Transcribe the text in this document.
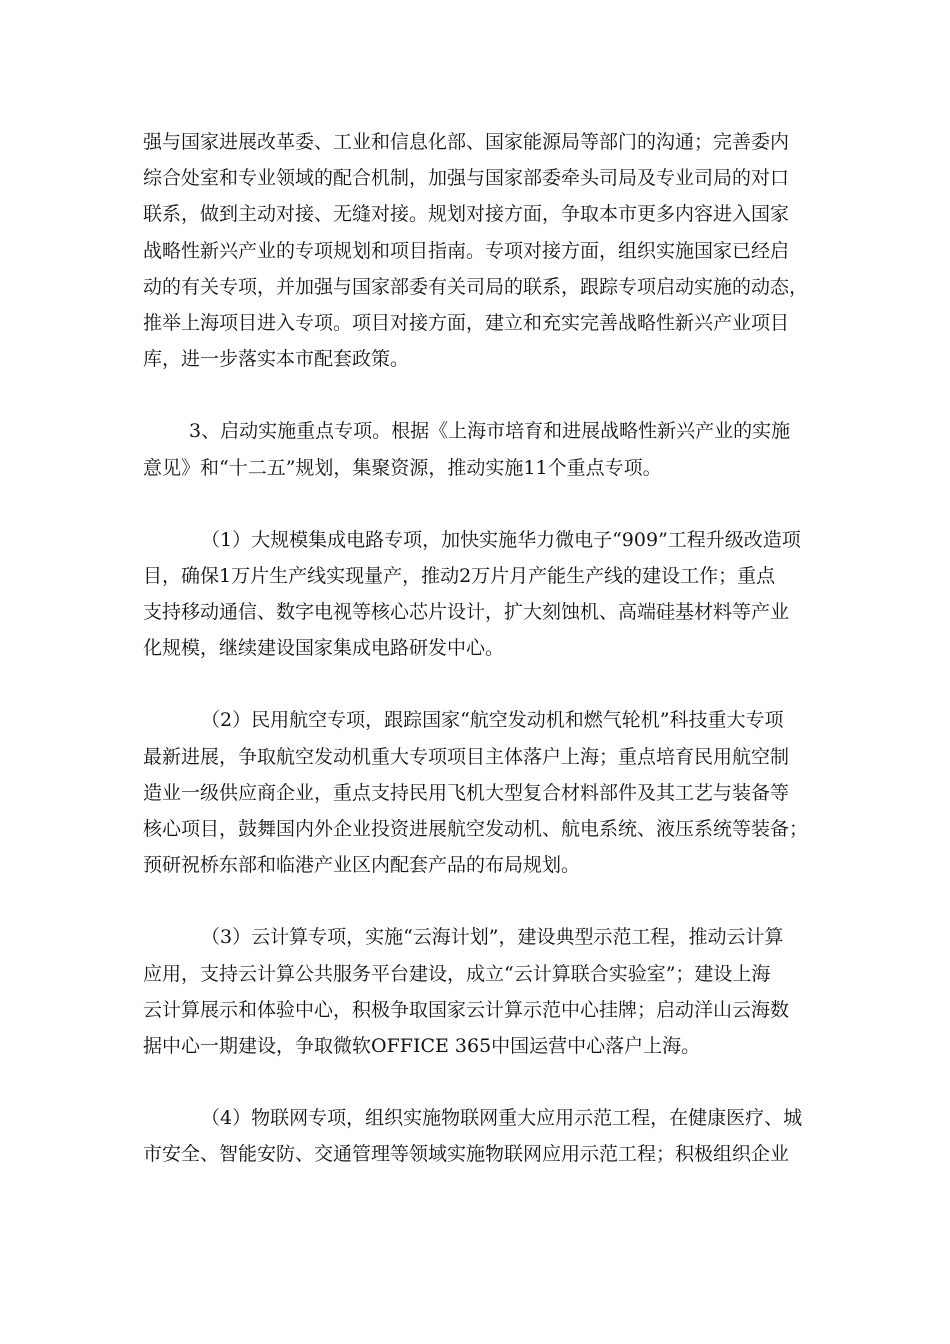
强与国家进展改革委、工业和信息化部、国家能源局等部门的沟通；完善委内
综合处室和专业领域的配合机制，加强与国家部委牵头司局及专业司局的对口
联系，做到主动对接、无缝对接。规划对接方面，争取本市更多内容进入国家
战略性新兴产业的专项规划和项目指南。专项对接方面，组织实施国家已经启
动的有关专项，并加强与国家部委有关司局的联系，跟踪专项启动实施的动态，
推举上海项目进入专项。项目对接方面，建立和充实完善战略性新兴产业项目
库，进一步落实本市配套政策。
3、启动实施重点专项。根据《上海市培育和进展战略性新兴产业的实施
意见》和“十二五”规划，集聚资源，推动实施11个重点专项。
（1）大规模集成电路专项，加快实施华力微电子“909”工程升级改造项
目，确保1万片生产线实现量产，推动2万片月产能生产线的建设工作；重点
支持移动通信、数字电视等核心芯片设计，扩大刻蚀机、高端硅基材料等产业
化规模，继续建设国家集成电路研发中心。
（2）民用航空专项，跟踪国家“航空发动机和燃气轮机”科技重大专项
最新进展，争取航空发动机重大专项项目主体落户上海；重点培育民用航空制
造业一级供应商企业，重点支持民用飞机大型复合材料部件及其工艺与装备等
核心项目，鼓舞国内外企业投资进展航空发动机、航电系统、液压系统等装备；
预研祝桥东部和临港产业区内配套产品的布局规划。
（3）云计算专项，实施“云海计划”，建设典型示范工程，推动云计算
应用，支持云计算公共服务平台建设，成立“云计算联合实验室”；建设上海
云计算展示和体验中心，积极争取国家云计算示范中心挂牌；启动洋山云海数
据中心一期建设，争取微软OFFICE 365中国运营中心落户上海。
（4）物联网专项，组织实施物联网重大应用示范工程，在健康医疗、城
市安全、智能安防、交通管理等领域实施物联网应用示范工程；积极组织企业
